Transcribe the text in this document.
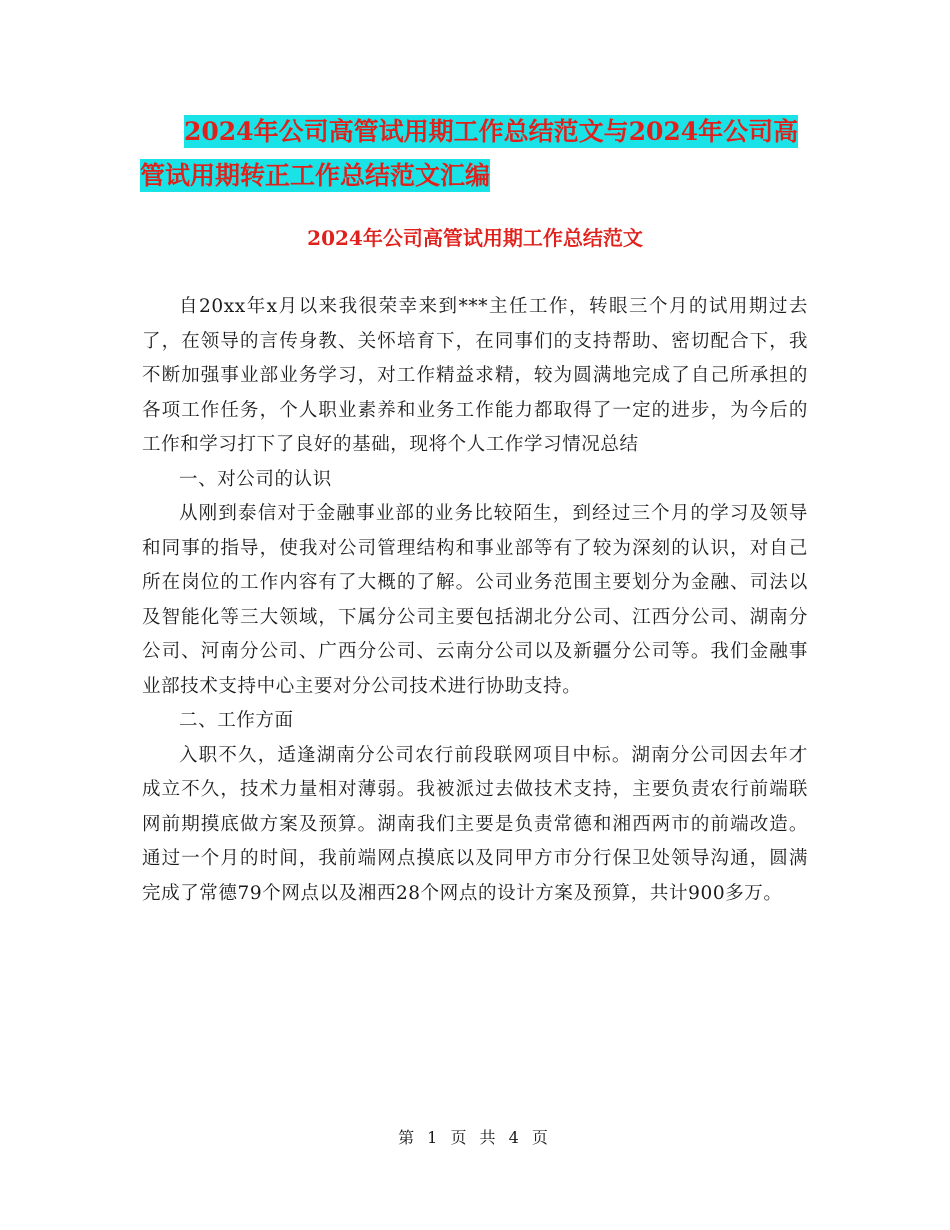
2024年公司高管试用期工作总结范文与2024年公司高
管试用期转正工作总结范文汇编
2024年公司高管试用期工作总结范文

自20xx年x月以来我很荣幸来到***主任工作，转眼三个月的试用期过去了，在领导的言传身教、关怀培育下，在同事们的支持帮助、密切配合下，我不断加强事业部业务学习，对工作精益求精，较为圆满地完成了自己所承担的各项工作任务，个人职业素养和业务工作能力都取得了一定的进步，为今后的工作和学习打下了良好的基础，现将个人工作学习情况总结

一、对公司的认识

从刚到泰信对于金融事业部的业务比较陌生，到经过三个月的学习及领导和同事的指导，使我对公司管理结构和事业部等有了较为深刻的认识，对自己所在岗位的工作内容有了大概的了解。公司业务范围主要划分为金融、司法以及智能化等三大领域，下属分公司主要包括湖北分公司、江西分公司、湖南分公司、河南分公司、广西分公司、云南分公司以及新疆分公司等。我们金融事业部技术支持中心主要对分公司技术进行协助支持。

二、工作方面

入职不久，适逢湖南分公司农行前段联网项目中标。湖南分公司因去年才成立不久，技术力量相对薄弱。我被派过去做技术支持，主要负责农行前端联网前期摸底做方案及预算。湖南我们主要是负责常德和湘西两市的前端改造。通过一个月的时间，我前端网点摸底以及同甲方市分行保卫处领导沟通，圆满完成了常德79个网点以及湘西28个网点的设计方案及预算，共计900多万。

第 1 页 共 4 页
